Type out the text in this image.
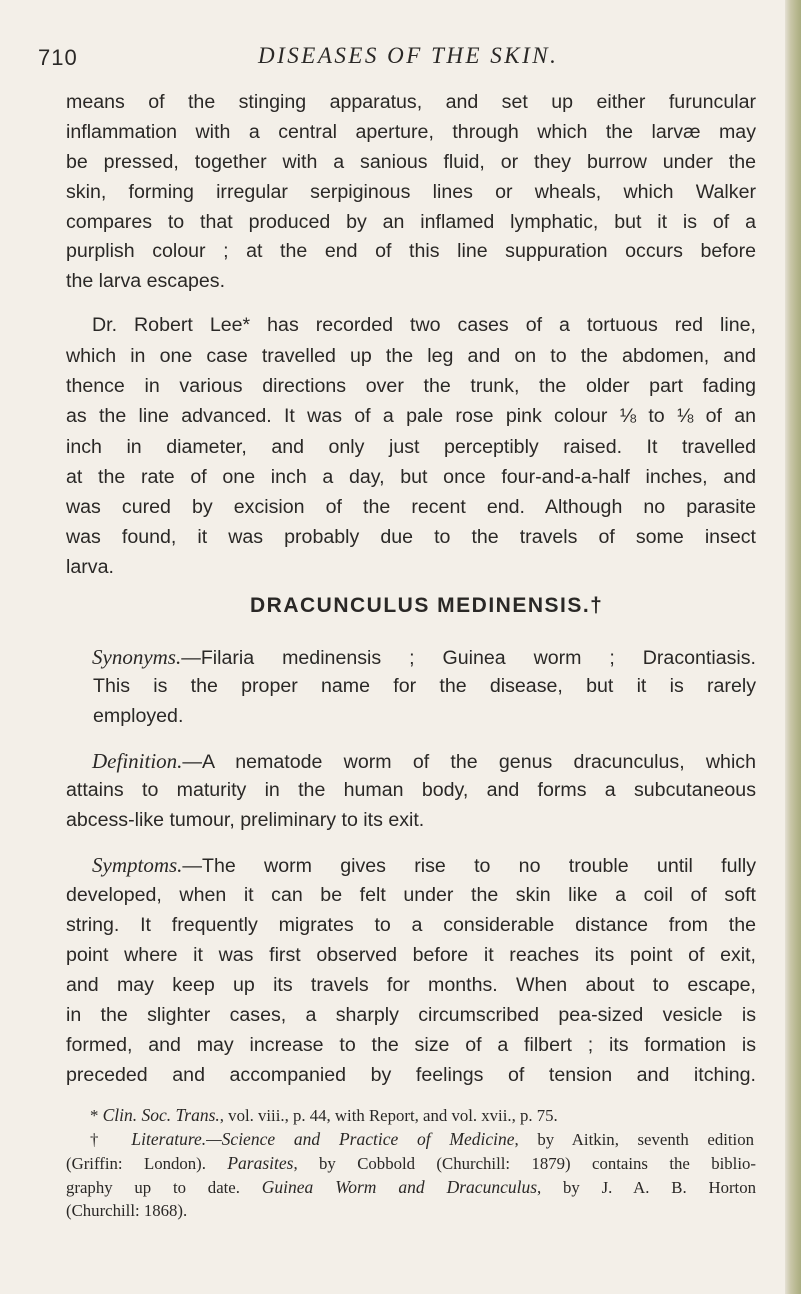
710	DISEASES OF THE SKIN.
means of the stinging apparatus, and set up either furuncular
inflammation with a central aperture, through which the larvæ may
be pressed, together with a sanious fluid, or they burrow under the
skin, forming irregular serpiginous lines or wheals, which Walker
compares to that produced by an inflamed lymphatic, but it is of a
purplish colour ; at the end of this line suppuration occurs before
the larva escapes.
Dr. Robert Lee* has recorded two cases of a tortuous red line,
which in one case travelled up the leg and on to the abdomen, and
thence in various directions over the trunk, the older part fading
as the line advanced. It was of a pale rose pink colour ⅛ to ⅛ of an
inch in diameter, and only just perceptibly raised. It travelled
at the rate of one inch a day, but once four-and-a-half inches, and
was cured by excision of the recent end. Although no parasite
was found, it was probably due to the travels of some insect
larva.
DRACUNCULUS MEDINENSIS.†
Synonyms.—Filaria medinensis ; Guinea worm ; Dracontiasis.
This is the proper name for the disease, but it is rarely
employed.
Definition.—A nematode worm of the genus dracunculus, which
attains to maturity in the human body, and forms a subcutaneous
abcess-like tumour, preliminary to its exit.
Symptoms.—The worm gives rise to no trouble until fully
developed, when it can be felt under the skin like a coil of soft
string. It frequently migrates to a considerable distance from the
point where it was first observed before it reaches its point of exit,
and may keep up its travels for months. When about to escape,
in the slighter cases, a sharply circumscribed pea-sized vesicle is
formed, and may increase to the size of a filbert ; its formation is
preceded and accompanied by feelings of tension and itching.
* Clin. Soc. Trans., vol. viii., p. 44, with Report, and vol. xvii., p. 75.
† Literature.—Science and Practice of Medicine, by Aitkin, seventh edition
(Griffin: London). Parasites, by Cobbold (Churchill: 1879) contains the biblio-
graphy up to date. Guinea Worm and Dracunculus, by J. A. B. Horton
(Churchill: 1868).
